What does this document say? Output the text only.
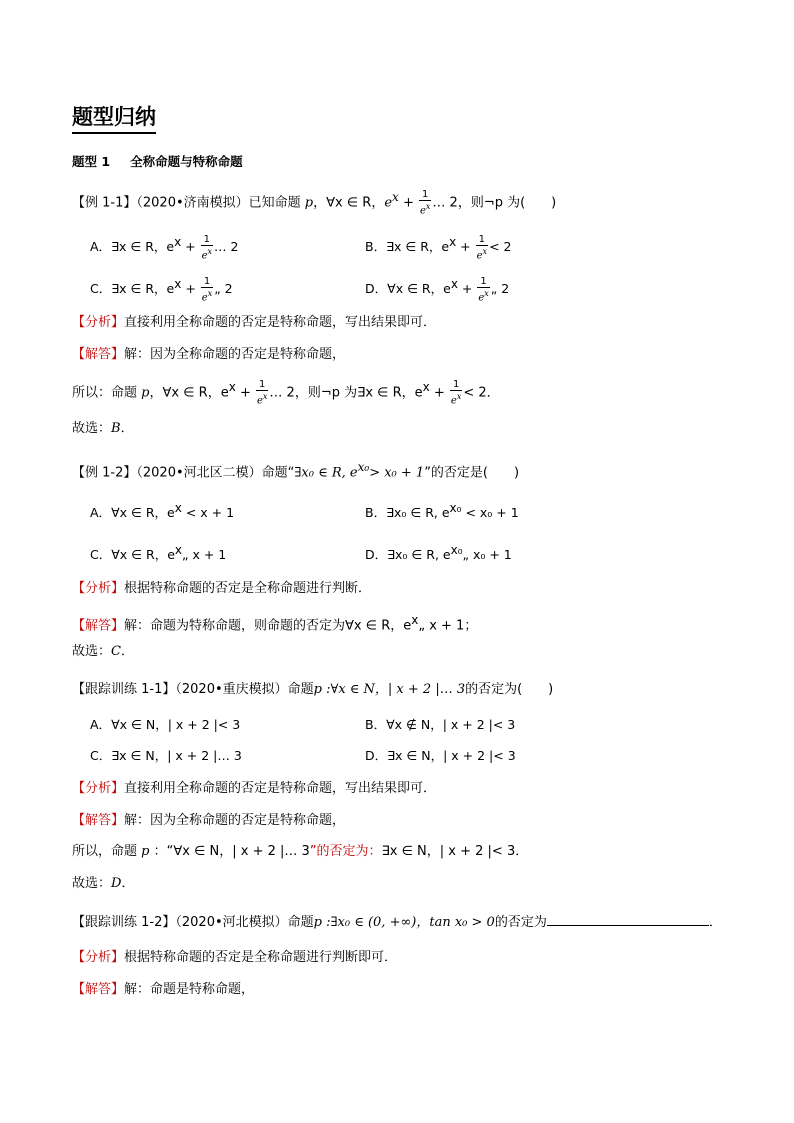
题型归纳
题型 1 全称命题与特称命题
【例 1-1】（2020•济南模拟）已知命题 p，∀x ∈ R，$e^x + \frac{1}{e^x}$ … 2，则¬p 为(　　)
A．∃x ∈ R，$e^x + \frac{1}{e^x}$ … 2	B．∃x ∈ R，$e^x + \frac{1}{e^x} < 2$
C．∃x ∈ R，$e^x + \frac{1}{e^x}$ „ 2	D．∀x ∈ R，$e^x + \frac{1}{e^x}$ „ 2
【分析】直接利用全称命题的否定是特称命题，写出结果即可．
【解答】解：因为全称命题的否定是特称命题，
所以：命题 p，∀x ∈ R，$e^x + \frac{1}{e^x}$ … 2，则¬p 为∃x ∈ R，$e^x + \frac{1}{e^x} < 2$．
故选：B．
【例 1-2】（2020•河北区二模）命题“∃x₀ ∈ R, $e^{x_0}> x_0 + 1$”的否定是(　　)
A．∀x ∈ R，$e^x < x + 1$	B．∃x₀ ∈ R, $e^{x_0} < x_0 + 1$
C．∀x ∈ R，$e^x„$ x + 1	D．∃x₀ ∈ R, $e^{x_0}„$ x₀ + 1
【分析】根据特称命题的否定是全称命题进行判断．
【解答】解：命题为特称命题，则命题的否定为∀x ∈ R，$e^x„$ x + 1；
故选：C．
【跟踪训练 1-1】（2020•重庆模拟）命题p :∀x ∈ N，| x + 2 |… 3的否定为(　　)
A．∀x ∈ N，| x + 2 |< 3	B．∀x ∉ N，| x + 2 |< 3
C．∃x ∈ N，| x + 2 |… 3	D．∃x ∈ N，| x + 2 |< 3
【分析】直接利用全称命题的否定是特称命题，写出结果即可．
【解答】解：因为全称命题的否定是特称命题，
所以，命题 p ：“∀x ∈ N，| x + 2 |… 3”的否定为：∃x ∈ N，| x + 2 |< 3．
故选：D．
【跟踪训练 1-2】（2020•河北模拟）命题p :∃x₀ ∈ (0, +∞)，tan x₀ > 0的否定为	．
【分析】根据特称命题的否定是全称命题进行判断即可．
【解答】解：命题是特称命题，
